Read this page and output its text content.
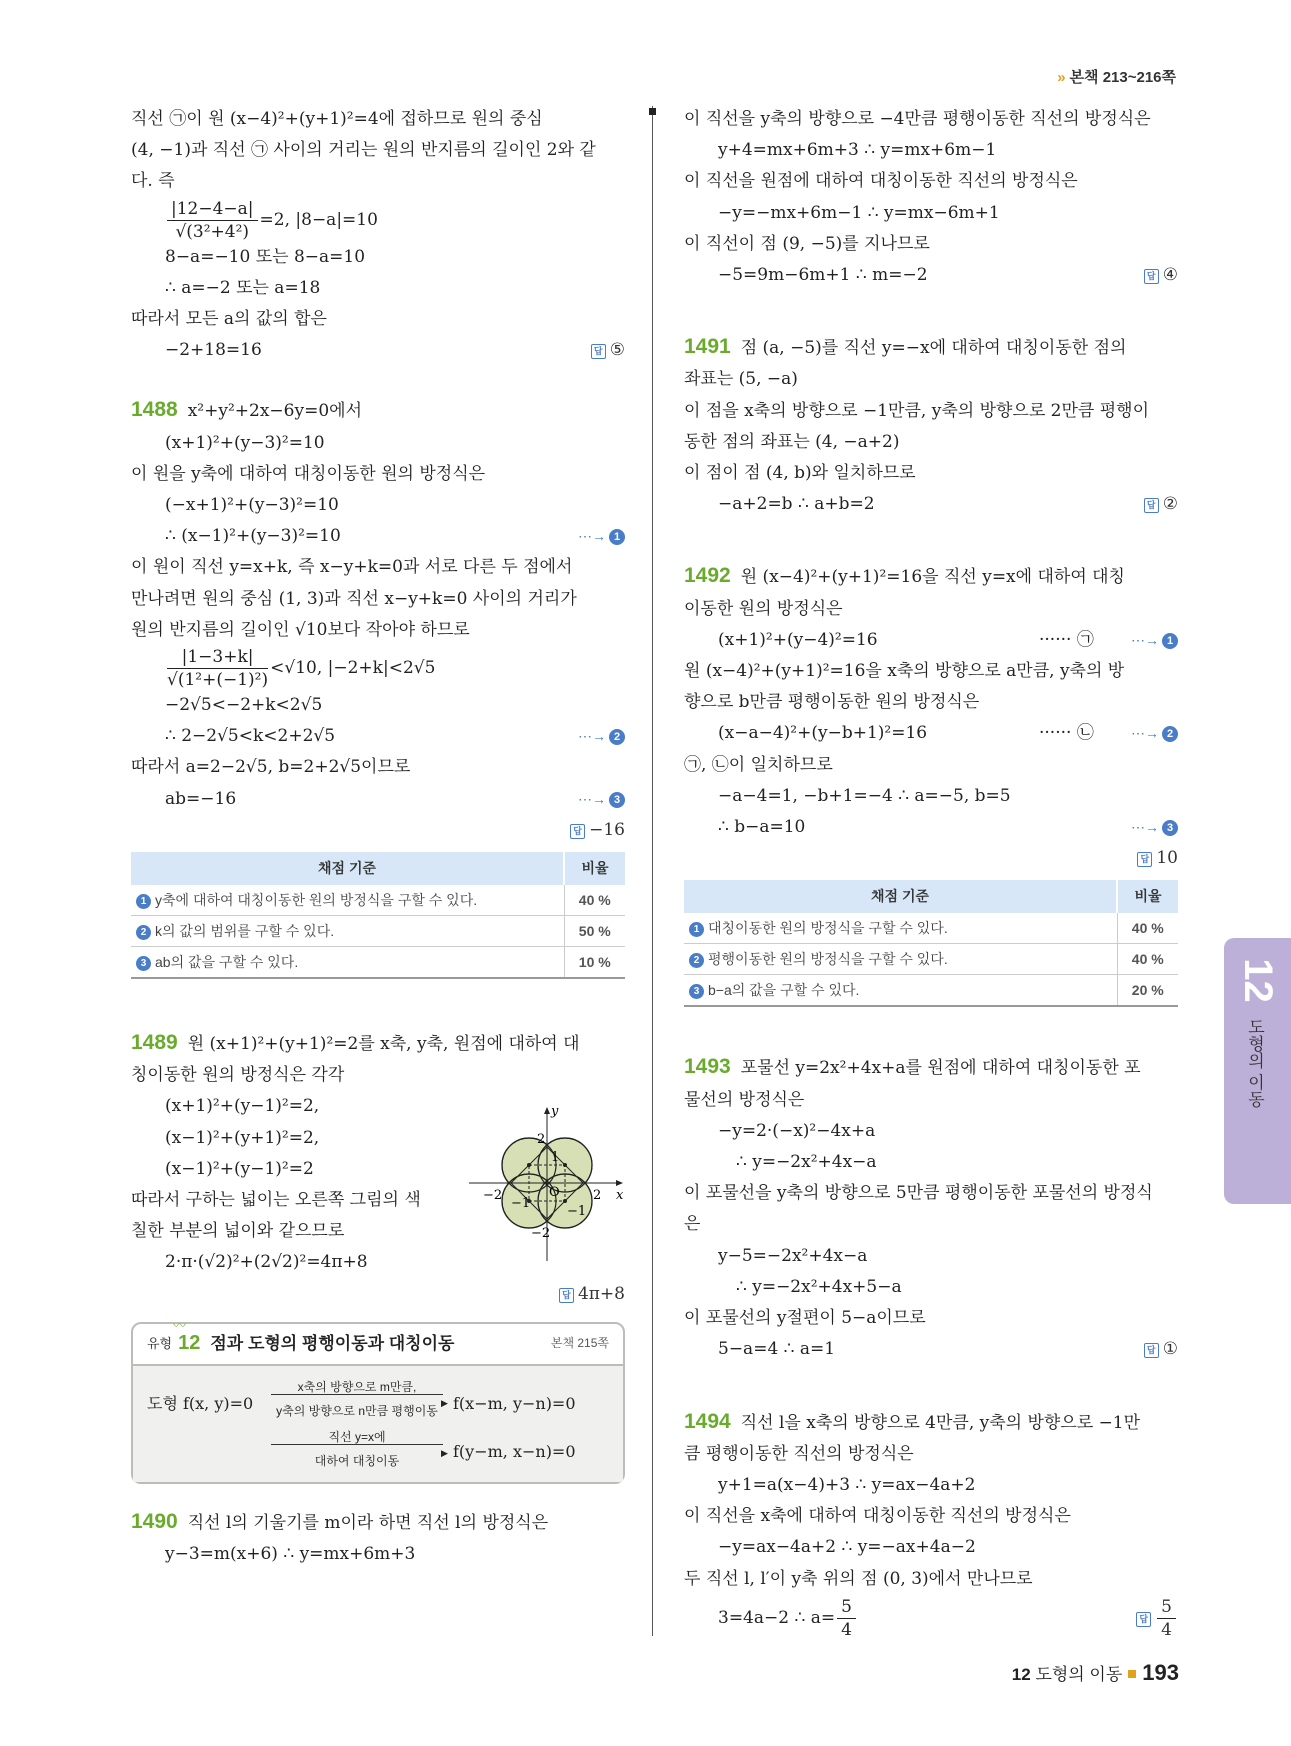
» 본책 213~216쪽
직선 ㉠이 원 (x−4)²+(y+1)²=4에 접하므로 원의 중심
(4, −1)과 직선 ㉠ 사이의 거리는 원의 반지름의 길이인 2와 같
다. 즉
$\frac{|12-4-a|}{\text{√(3²+4²)}} =2$, |8−a|=10
8−a=−10 또는 8−a=10
∴ a=−2 또는 a=18
따라서 모든 a의 값의 합은
−2+18=16	답 ⑤
1488 x²+y²+2x−6y=0에서
(x+1)²+(y−3)²=10
이 원을 y축에 대하여 대칭이동한 원의 방정식은
(−x+1)²+(y−3)²=10
∴ (x−1)²+(y−3)²=10	⋯→ 1
이 원이 직선 y=x+k, 즉 x−y+k=0과 서로 다른 두 점에서
만나려면 원의 중심 (1, 3)과 직선 x−y+k=0 사이의 거리가
원의 반지름의 길이인 √10보다 작아야 하므로
$\frac{|1-3+k|}{\text{√(1²+(−1)²)}} <√10$, |−2+k|<2√5
−2√5<−2+k<2√5
∴ 2−2√5<k<2+2√5	⋯→ 2
따라서 a=2−2√5, b=2+2√5이므로
ab=−16	⋯→ 3
답 −16
채점 기준	비율
1 y축에 대하여 대칭이동한 원의 방정식을 구할 수 있다.	40 %
2 k의 값의 범위를 구할 수 있다.	50 %
3 ab의 값을 구할 수 있다.	10 %
1489 원 (x+1)²+(y+1)²=2를 x축, y축, 원점에 대하여 대
칭이동한 원의 방정식은 각각
(x+1)²+(y−1)²=2,
(x−1)²+(y+1)²=2,
(x−1)²+(y−1)²=2
따라서 구하는 넓이는 오른쪽 그림의 색
칠한 부분의 넓이와 같으므로
2·π·(√2)²+(2√2)²=4π+8
답 4π+8
y
x
O
2
−2
1
2
−2
−1
−1
〰
유형 12 점과 도형의 평행이동과 대칭이동	본책 215쪽
도형 f(x, y)=0
x축의 방향으로 m만큼,
▶
y축의 방향으로 n만큼 평행이동 f(x−m, y−n)=0
직선 y=x에
▶
대하여 대칭이동	f(y−m, x−n)=0
1490 직선 l의 기울기를 m이라 하면 직선 l의 방정식은
y−3=m(x+6) ∴ y=mx+6m+3
이 직선을 y축의 방향으로 −4만큼 평행이동한 직선의 방정식은
y+4=mx+6m+3 ∴ y=mx+6m−1
이 직선을 원점에 대하여 대칭이동한 직선의 방정식은
−y=−mx+6m−1 ∴ y=mx−6m+1
이 직선이 점 (9, −5)를 지나므로
−5=9m−6m+1 ∴ m=−2	답 ④
1491 점 (a, −5)를 직선 y=−x에 대하여 대칭이동한 점의
좌표는 (5, −a)
이 점을 x축의 방향으로 −1만큼, y축의 방향으로 2만큼 평행이
동한 점의 좌표는 (4, −a+2)
이 점이 점 (4, b)와 일치하므로
−a+2=b ∴ a+b=2	답 ②
1492 원 (x−4)²+(y+1)²=16을 직선 y=x에 대하여 대칭
이동한 원의 방정식은
(x+1)²+(y−4)²=16	······ ㉠	⋯→ 1
원 (x−4)²+(y+1)²=16을 x축의 방향으로 a만큼, y축의 방
향으로 b만큼 평행이동한 원의 방정식은
(x−a−4)²+(y−b+1)²=16	······ ㉡	⋯→ 2
㉠, ㉡이 일치하므로
−a−4=1, −b+1=−4 ∴ a=−5, b=5
∴ b−a=10	⋯→ 3
답 10
채점 기준	비율
1 대칭이동한 원의 방정식을 구할 수 있다.	40 %
2 평행이동한 원의 방정식을 구할 수 있다.	40 %
3 b−a의 값을 구할 수 있다.	20 %
1493 포물선 y=2x²+4x+a를 원점에 대하여 대칭이동한 포
물선의 방정식은
−y=2·(−x)²−4x+a
∴ y=−2x²+4x−a
이 포물선을 y축의 방향으로 5만큼 평행이동한 포물선의 방정식
은
y−5=−2x²+4x−a
∴ y=−2x²+4x+5−a
이 포물선의 y절편이 5−a이므로
5−a=4 ∴ a=1	답 ①
1494 직선 l을 x축의 방향으로 4만큼, y축의 방향으로 −1만
큼 평행이동한 직선의 방정식은
y+1=a(x−4)+3 ∴ y=ax−4a+2
이 직선을 x축에 대하여 대칭이동한 직선의 방정식은
−y=ax−4a+2 ∴ y=−ax+4a−2
두 직선 l, l′이 y축 위의 점 (0, 3)에서 만나므로
3=4a−2 ∴ $a= \frac{5}{4}$	답 $\frac{5}{4}$
12
도형의 이동
12 도형의 이동 193
